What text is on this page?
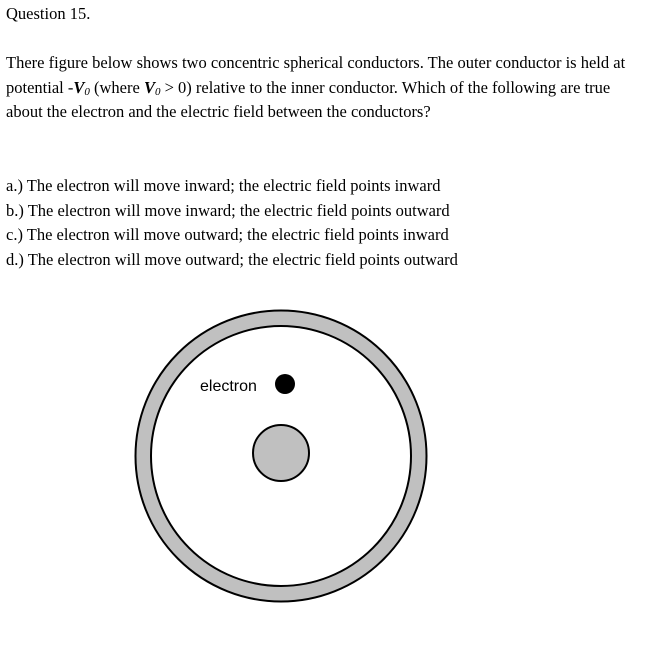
Question 15.

There figure below shows two concentric spherical conductors. The outer conductor is held at potential $-V_0$ (where $V_0 > 0$) relative to the inner conductor. Which of the following are true about the electron and the electric field between the conductors?

a.) The electron will move inward; the electric field points inward
b.) The electron will move inward; the electric field points outward
c.) The electron will move outward; the electric field points inward
d.) The electron will move outward; the electric field points outward
electron
